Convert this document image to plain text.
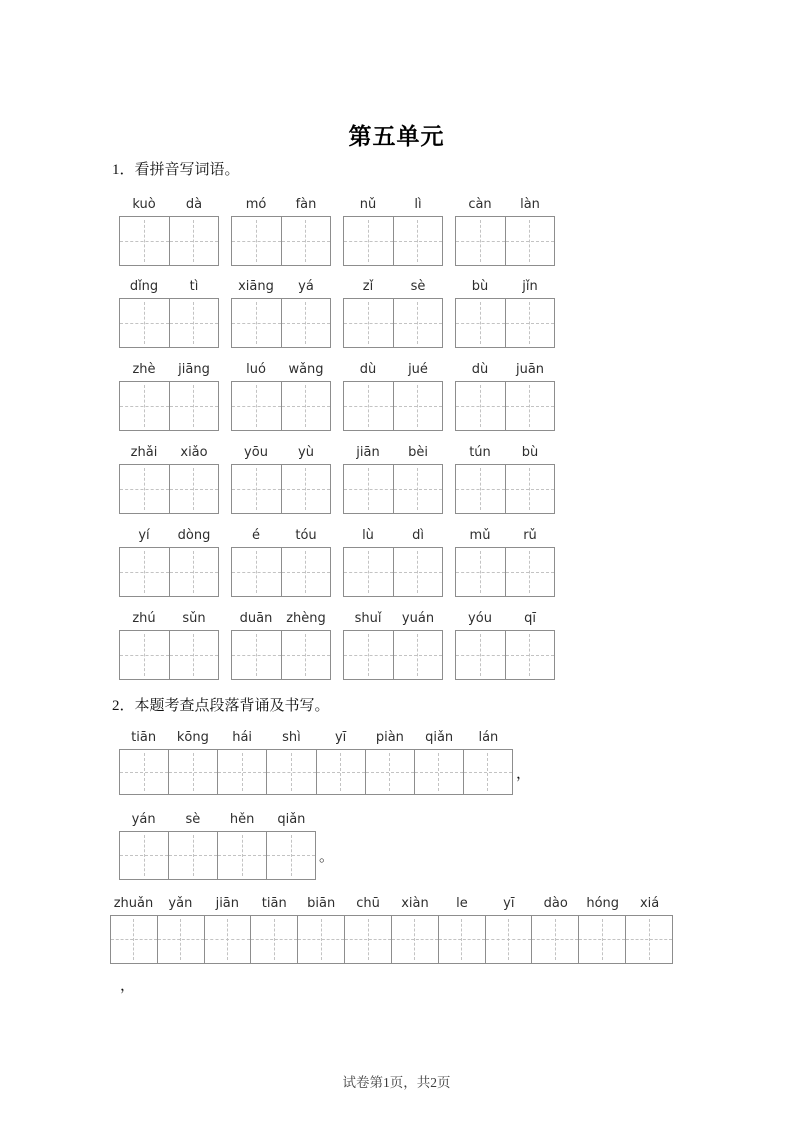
第五单元
1．看拼音写词语。
kuò	dà	mó	fàn	nǔ	lì	càn	làn
dǐng	tì	xiāng	yá	zǐ	sè	bù	jǐn
zhè	jiāng	luó	wǎng	dù	jué	dù	juān
zhǎi	xiǎo	yōu	yù	jiān	bèi	tún	bù
yí	dòng	é	tóu	lù	dì	mǔ	rǔ
zhú	sǔn	duān	zhèng	shuǐ	yuán	yóu	qī
2．本题考查点段落背诵及书写。
tiān	kōng	hái	shì	yī	piàn	qiǎn	lán
，
yán	sè	hěn	qiǎn
。
zhuǎn	yǎn	jiān	tiān	biān	chū	xiàn	le	yī	dào	hóng	xiá
，
试卷第1页，共2页
